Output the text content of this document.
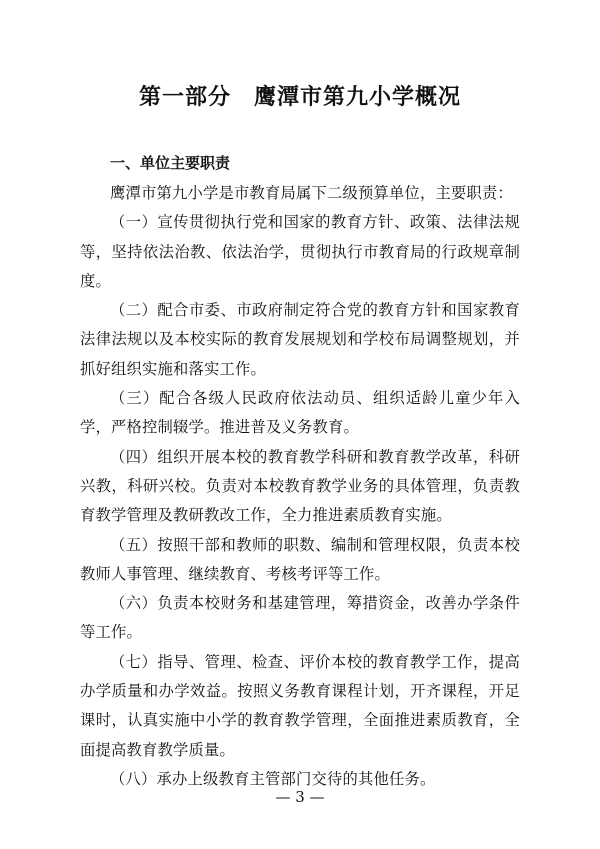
第一部分　鹰潭市第九小学概况
一、单位主要职责

鹰潭市第九小学是市教育局属下二级预算单位，主要职责：

（一）宣传贯彻执行党和国家的教育方针、政策、法律法规等，坚持依法治教、依法治学，贯彻执行市教育局的行政规章制度。

（二）配合市委、市政府制定符合党的教育方针和国家教育法律法规以及本校实际的教育发展规划和学校布局调整规划，并抓好组织实施和落实工作。

（三）配合各级人民政府依法动员、组织适龄儿童少年入学，严格控制辍学。推进普及义务教育。

（四）组织开展本校的教育教学科研和教育教学改革，科研兴教，科研兴校。负责对本校教育教学业务的具体管理，负责教育教学管理及教研教改工作，全力推进素质教育实施。

（五）按照干部和教师的职数、编制和管理权限，负责本校教师人事管理、继续教育、考核考评等工作。

（六）负责本校财务和基建管理，筹措资金，改善办学条件等工作。

（七）指导、管理、检查、评价本校的教育教学工作，提高办学质量和办学效益。按照义务教育课程计划，开齐课程，开足课时，认真实施中小学的教育教学管理，全面推进素质教育，全面提高教育教学质量。

（八）承办上级教育主管部门交待的其他任务。

— 3 —
